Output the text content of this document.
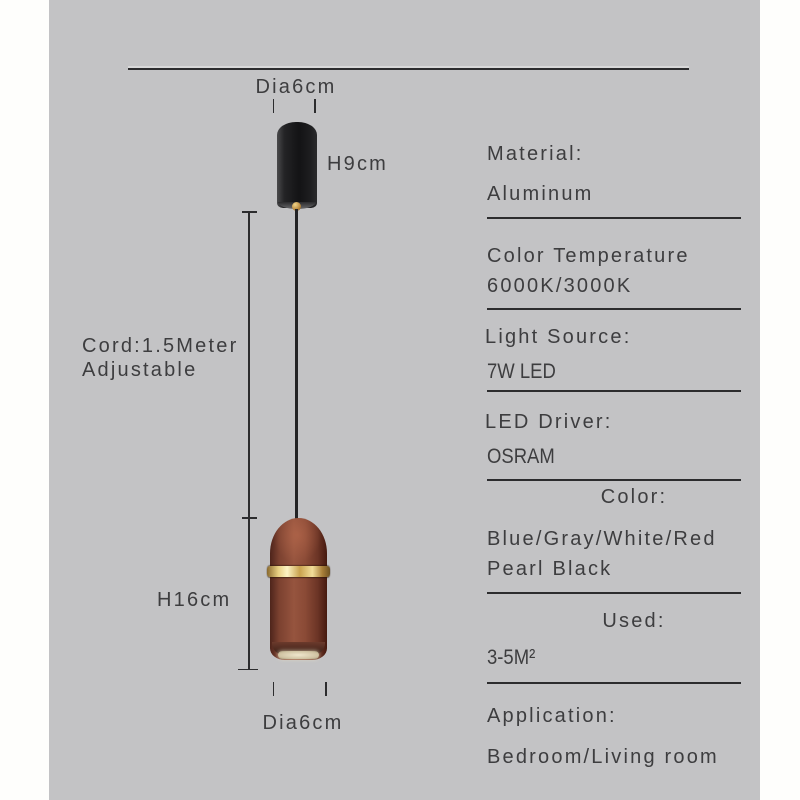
Dia6cm
H9cm
Cord:1.5Meter
Adjustable
H16cm
Dia6cm
Material:
Aluminum
Color Temperature
6000K/3000K
Light Source:
7W LED
LED Driver:
OSRAM
Color:
Blue/Gray/White/Red
Pearl Black
Used:
3-5M²
Application:
Bedroom/Living room
